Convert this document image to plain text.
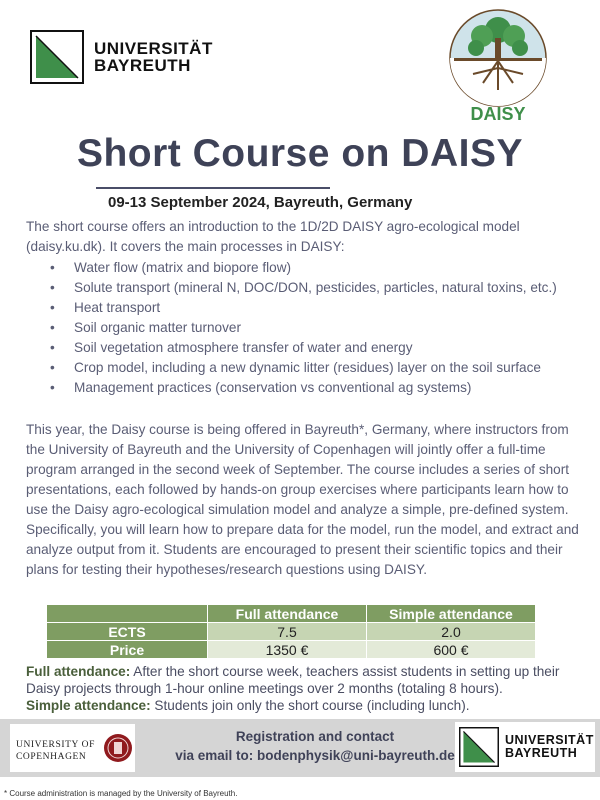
UNIVERSITÄT
BAYREUTH
DAISY
Short Course on DAISY
09-13 September 2024, Bayreuth, Germany

The short course offers an introduction to the 1D/2D DAISY agro-ecological model (daisy.ku.dk). It covers the main processes in DAISY:

• Water flow (matrix and biopore flow)
• Solute transport (mineral N, DOC/DON, pesticides, particles, natural toxins, etc.)
• Heat transport
• Soil organic matter turnover
• Soil vegetation atmosphere transfer of water and energy
• Crop model, including a new dynamic litter (residues) layer on the soil surface
• Management practices (conservation vs conventional ag systems)

This year, the Daisy course is being offered in Bayreuth*, Germany, where instructors from the University of Bayreuth and the University of Copenhagen will jointly offer a full-time program arranged in the second week of September. The course includes a series of short presentations, each followed by hands-on group exercises where participants learn how to use the Daisy agro-ecological simulation model and analyze a simple, pre-defined system. Specifically, you will learn how to prepare data for the model, run the model, and extract and analyze output from it. Students are encouraged to present their scientific topics and their plans for testing their hypotheses/research questions using DAISY.

	Full attendance	Simple attendance
ECTS	7.5	2.0
Price	1350 €	600 €
Full attendance: After the short course week, teachers assist students in setting up their Daisy projects through 1-hour online meetings over 2 months (totaling 8 hours).
Simple attendance: Students join only the short course (including lunch).
UNIVERSITY OF
COPENHAGEN
Registration and contact
via email to: bodenphysik@uni-bayreuth.de
UNIVERSITÄT
BAYREUTH
* Course administration is managed by the University of Bayreuth.
